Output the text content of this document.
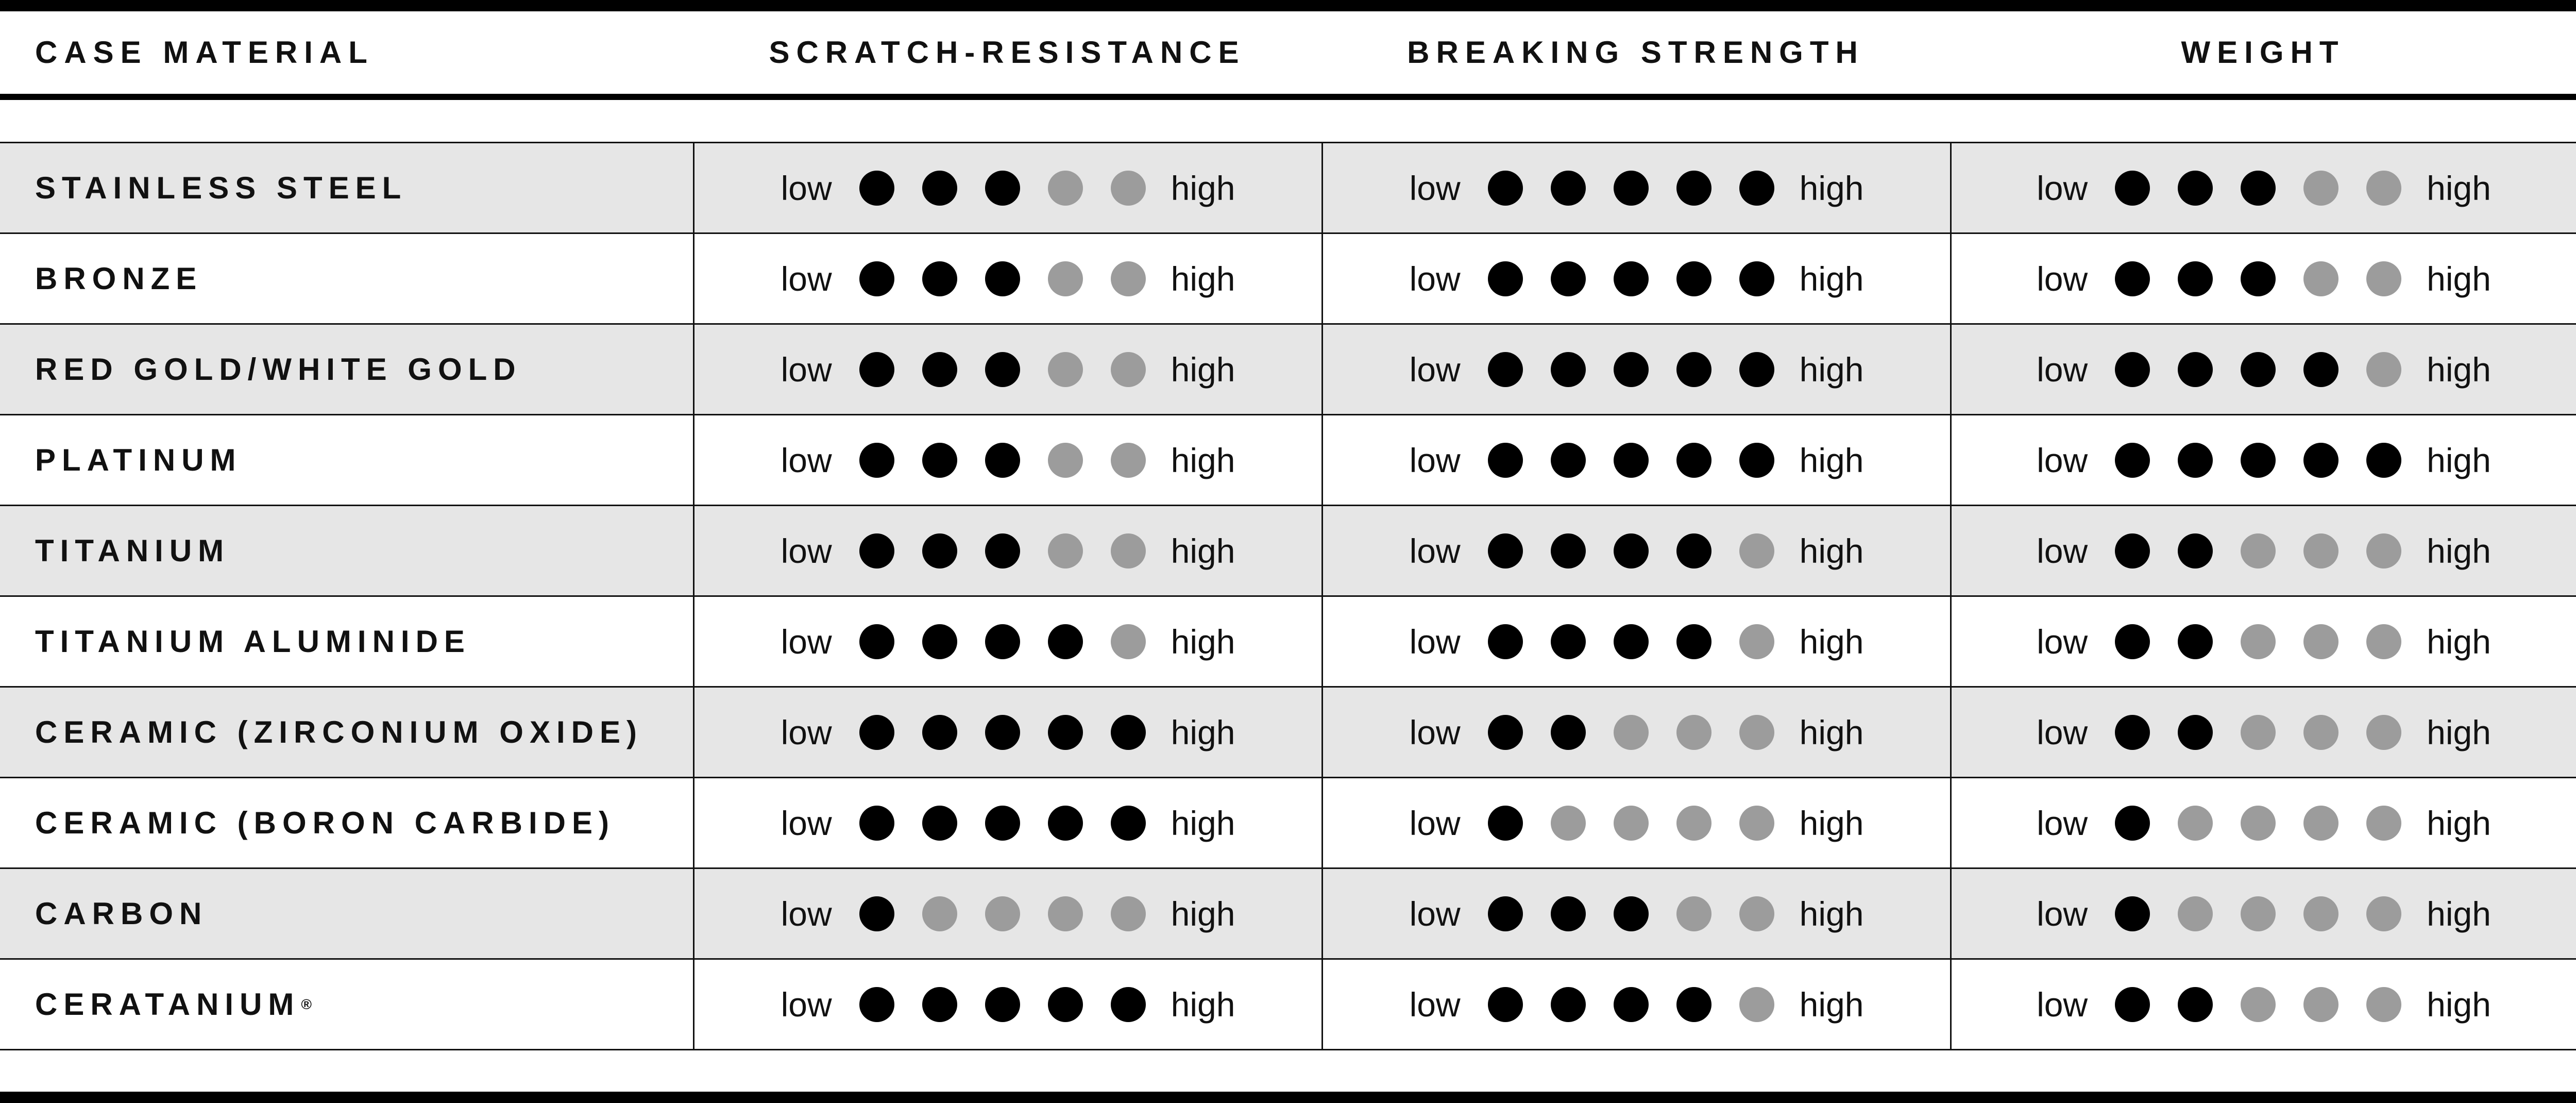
CASE MATERIAL	SCRATCH-RESISTANCE	BREAKING STRENGTH	WEIGHT
STAINLESS STEEL	low	high	low	high	low	high
BRONZE	low	high	low	high	low	high
RED GOLD/WHITE GOLD	low	high	low	high	low	high
PLATINUM	low	high	low	high	low	high
TITANIUM	low	high	low	high	low	high
TITANIUM ALUMINIDE	low	high	low	high	low	high
CERAMIC (ZIRCONIUM OXIDE)	low	high	low	high	low	high
CERAMIC (BORON CARBIDE)	low	high	low	high	low	high
CARBON	low	high	low	high	low	high
CERATANIUM ®	low	high	low	high	low	high
